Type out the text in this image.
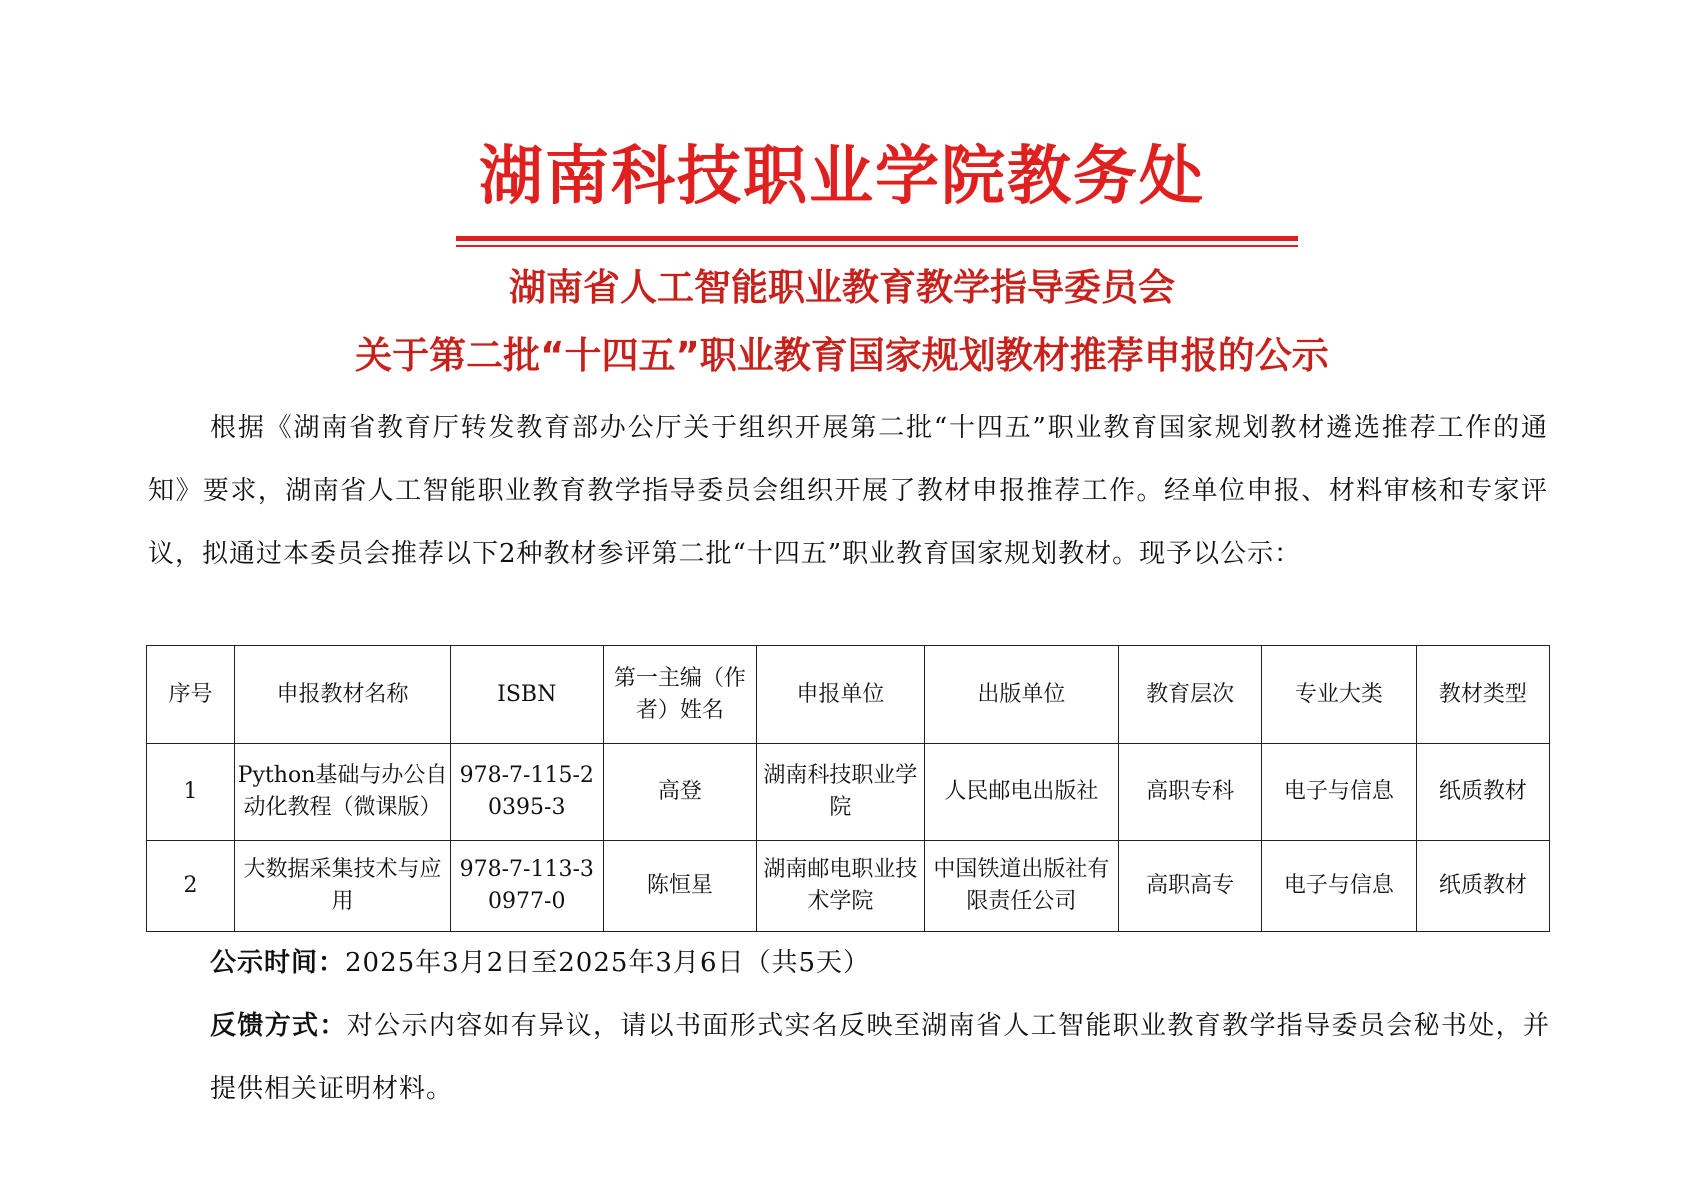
湖南科技职业学院教务处
湖南省人工智能职业教育教学指导委员会
关于第二批“十四五”职业教育国家规划教材推荐申报的公示

根据《湖南省教育厅转发教育部办公厅关于组织开展第二批“十四五”职业教育国家规划教材遴选推荐工作的通知》要求，湖南省人工智能职业教育教学指导委员会组织开展了教材申报推荐工作。经单位申报、材料审核和专家评议，拟通过本委员会推荐以下2种教材参评第二批“十四五”职业教育国家规划教材。现予以公示：

序号	申报教材名称	ISBN	第一主编（作者）姓名	申报单位	出版单位	教育层次	专业大类	教材类型
1	Python基础与办公自动化教程（微课版）	978-7-115-20395-3	高登	湖南科技职业学院	人民邮电出版社	高职专科	电子与信息	纸质教材
2	大数据采集技术与应用	978-7-113-30977-0	陈恒星	湖南邮电职业技术学院	中国铁道出版社有限责任公司	高职高专	电子与信息	纸质教材
公示时间：2025年3月2日至2025年3月6日（共5天）
反馈方式：对公示内容如有异议，请以书面形式实名反映至湖南省人工智能职业教育教学指导委员会秘书处，并提供相关证明材料。
